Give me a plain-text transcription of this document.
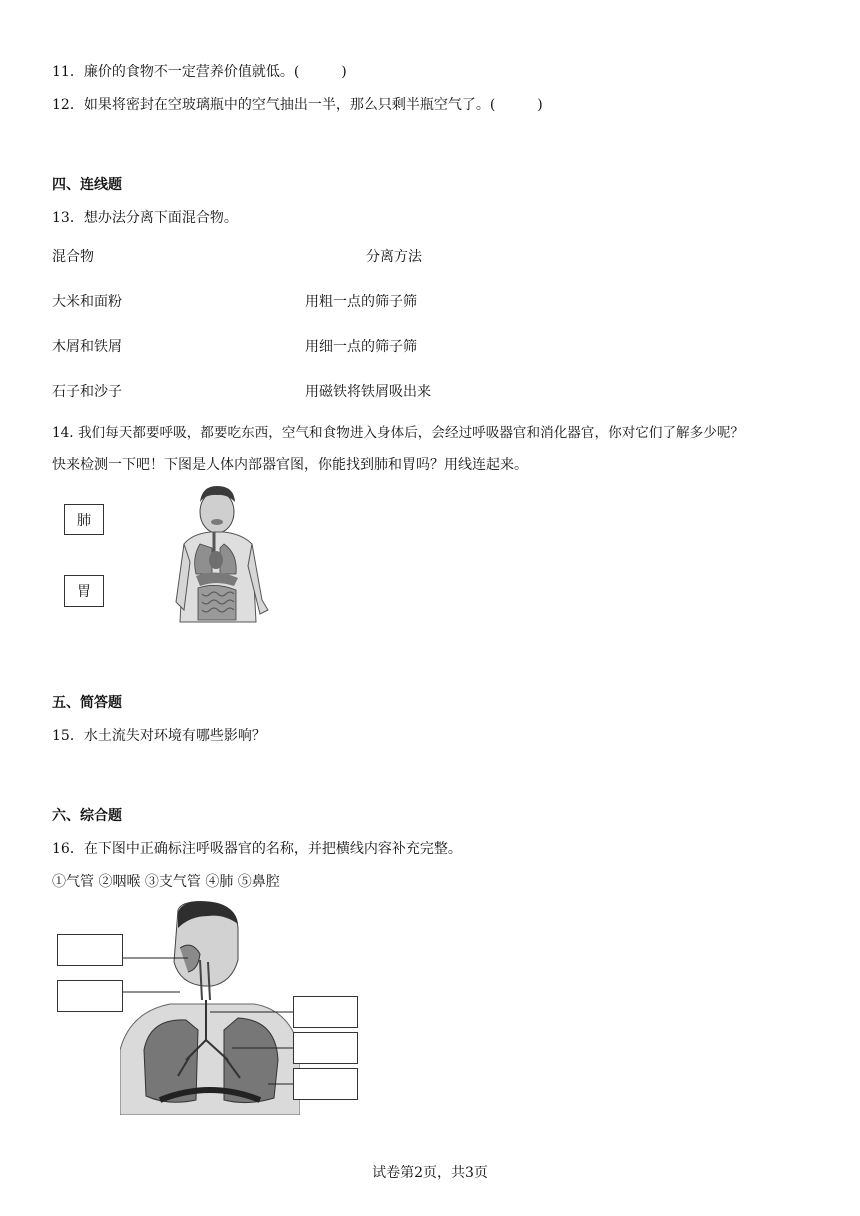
11．廉价的食物不一定营养价值就低。(　　　)
12．如果将密封在空玻璃瓶中的空气抽出一半，那么只剩半瓶空气了。(　　　)
四、连线题
13．想办法分离下面混合物。
混合物	分离方法
大米和面粉	用粗一点的筛子筛
木屑和铁屑	用细一点的筛子筛
石子和沙子	用磁铁将铁屑吸出来
14. 我们每天都要呼吸，都要吃东西，空气和食物进入身体后，会经过呼吸器官和消化器官，你对它们了解多少呢？
快来检测一下吧！下图是人体内部器官图，你能找到肺和胃吗？用线连起来。
肺
胃
五、简答题
15．水土流失对环境有哪些影响？
六、综合题
16．在下图中正确标注呼吸器官的名称，并把横线内容补充完整。
①气管 ②咽喉 ③支气管 ④肺 ⑤鼻腔
试卷第2页，共3页
